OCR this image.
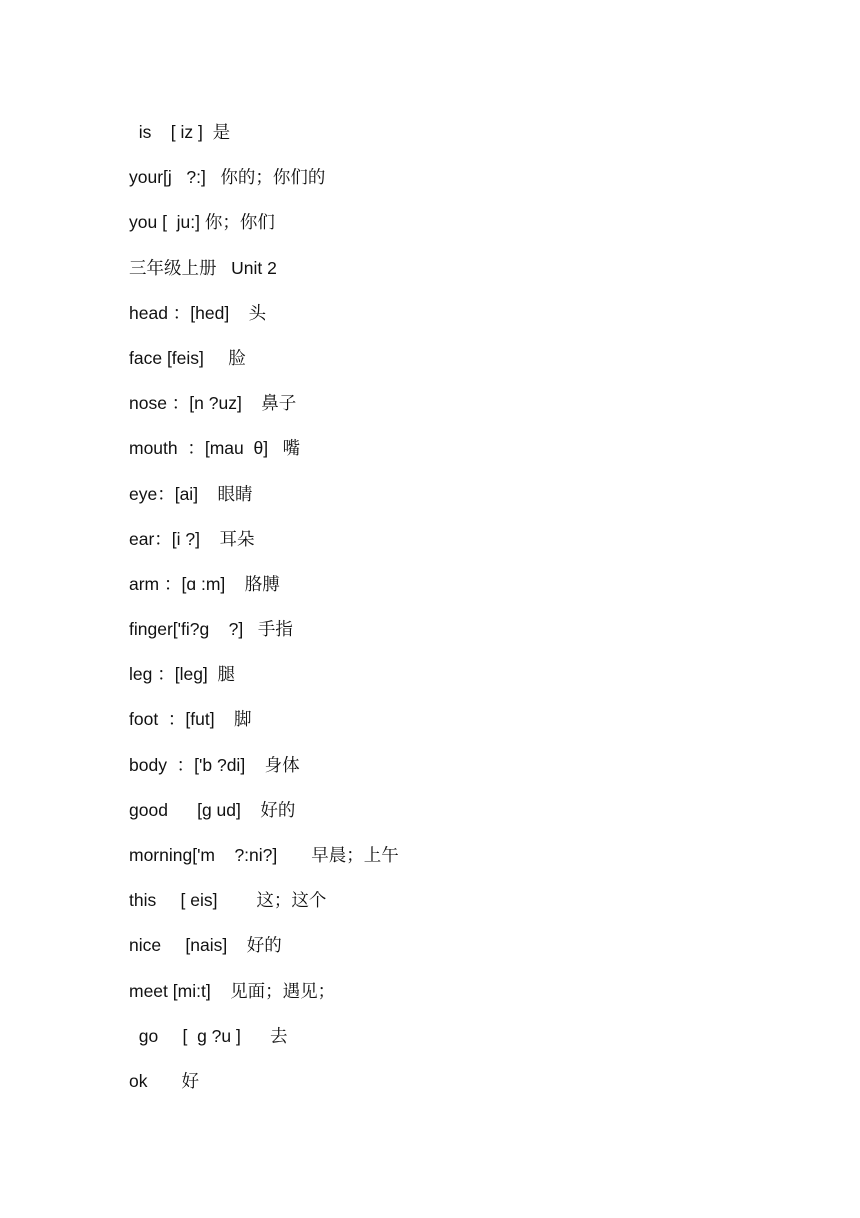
is    [ iz ]  是
your[j   ?:]   你的；你们的
you [  ju:] 你；你们
三年级上册   Unit 2
head ：[hed]    头
face [feis]     脸
nose ：[n ?uz]    鼻子
mouth  ：[mau  θ]   嘴
eye：[ai]    眼睛
ear：[i ?]    耳朵
arm ：[ɑ :m]    胳膊
finger['fi?g    ?]   手指
leg ：[leg]  腿
foot  ：[fut]    脚
body  ：['b ?di]    身体
good      [ɡ ud]    好的
morning['m    ?:ni?]       早晨；上午
this     [ eis]        这；这个
nice     [nais]    好的
meet [mi:t]    见面；遇见；
go     [  ɡ ?u ]      去
ok       好
